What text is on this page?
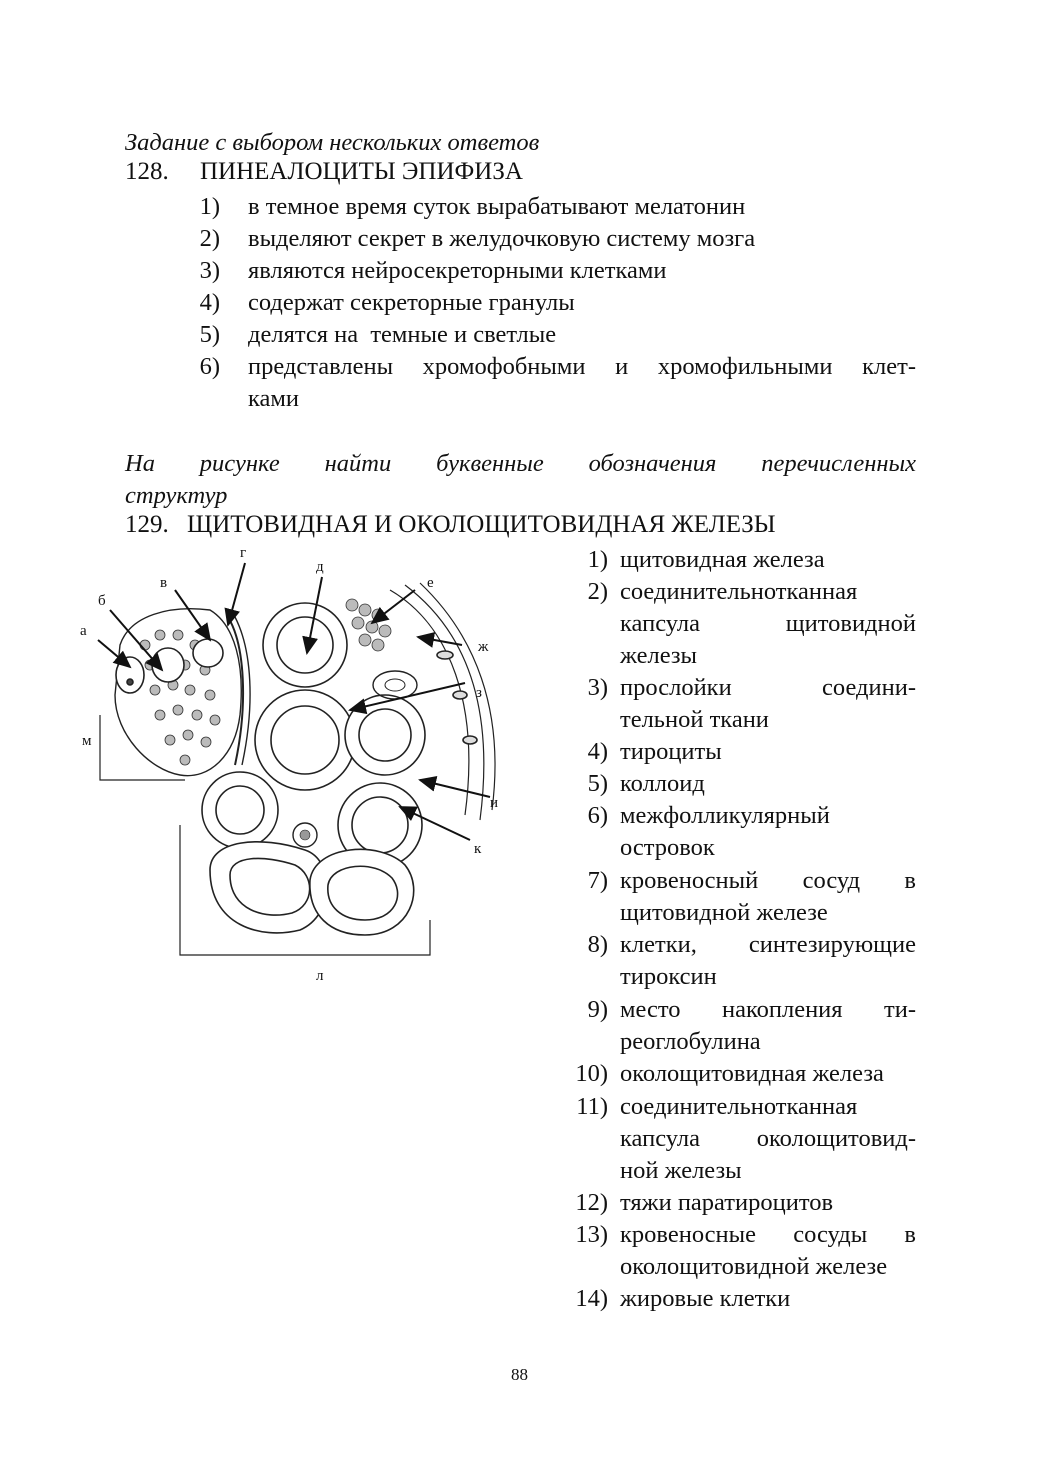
Задание с выбором нескольких ответов
128. ПИНЕАЛОЦИТЫ ЭПИФИЗА
1) в темное время суток вырабатывают мелатонин
2) выделяют секрет в желудочковую систему мозга
3) являются нейросекреторными клетками
4) содержат секреторные гранулы
5) делятся на  темные и светлые
6) представлены хромофобными и хромофильными клет-
ками
На рисунке найти буквенные обозначения перечисленных
структур
129. ЩИТОВИДНАЯ И ОКОЛОЩИТОВИДНАЯ ЖЕЛЕЗЫ
а
б
в
г
д
е
ж
з
м
и
к
л
1) щитовидная железа
2) соединительнотканная
капсула щитовидной
железы
3) прослойки соедини-
тельной ткани
4) тироциты
5) коллоид
6) межфолликулярный
островок
7) кровеносный сосуд в
щитовидной железе
8) клетки, синтезирующие
тироксин
9) место накопления ти-
реоглобулина
10) околощитовидная железа
11) соединительнотканная
капсула околощитовид-
ной железы
12) тяжи паратироцитов
13) кровеносные сосуды в
околощитовидной железе
14) жировые клетки
88
